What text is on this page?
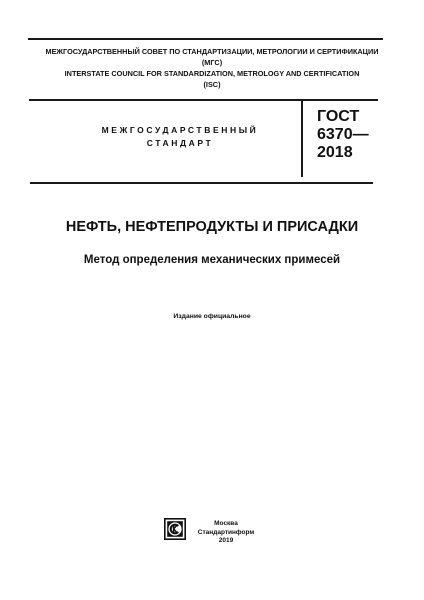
МЕЖГОСУДАРСТВЕННЫЙ СОВЕТ ПО СТАНДАРТИЗАЦИИ, МЕТРОЛОГИИ И СЕРТИФИКАЦИИ
(МГС)
INTERSTATE COUNCIL FOR STANDARDIZATION, METROLOGY AND CERTIFICATION
(ISC)
МЕЖГОСУДАРСТВЕННЫЙ
СТАНДАРТ
ГОСТ
6370—
2018
НЕФТЬ, НЕФТЕПРОДУКТЫ И ПРИСАДКИ
Метод определения механических примесей
Издание официальное
Москва
Стандартинформ
2019
